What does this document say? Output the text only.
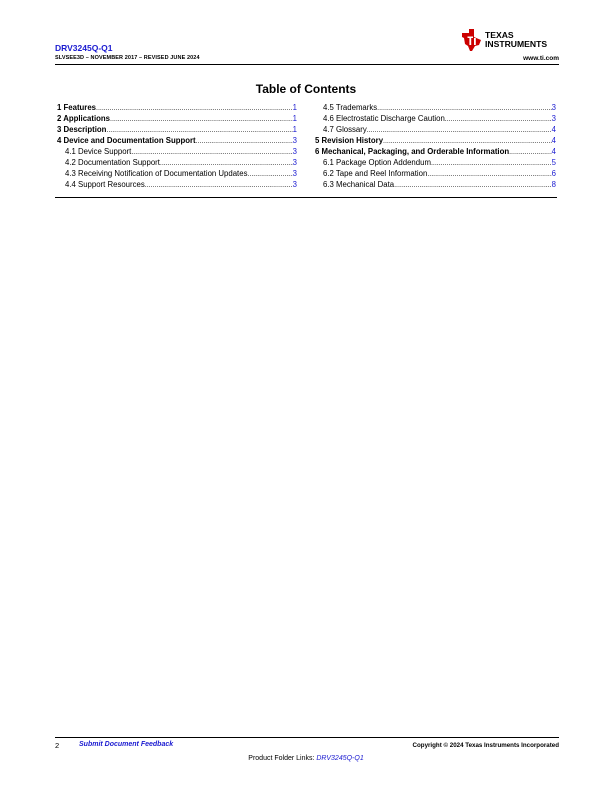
DRV3245Q-Q1
SLVSEE3D – NOVEMBER 2017 – REVISED JUNE 2024
TEXAS
INSTRUMENTS
www.ti.com
Table of Contents
1 Features .....	1
2 Applications .....	1
3 Description .....	1
4 Device and Documentation Support .....	3
4.1 Device Support .....	3
4.2 Documentation Support .....	3
4.3 Receiving Notification of Documentation Updates .....	3
4.4 Support Resources .....	3
4.5 Trademarks .....	3
4.6 Electrostatic Discharge Caution .....	3
4.7 Glossary .....	4
5 Revision History .....	4
6 Mechanical, Packaging, and Orderable Information .....	4
6.1 Package Option Addendum .....	5
6.2 Tape and Reel Information .....	6
6.3 Mechanical Data .....	8
2	Submit Document Feedback	Copyright © 2024 Texas Instruments Incorporated
Product Folder Links: DRV3245Q-Q1
